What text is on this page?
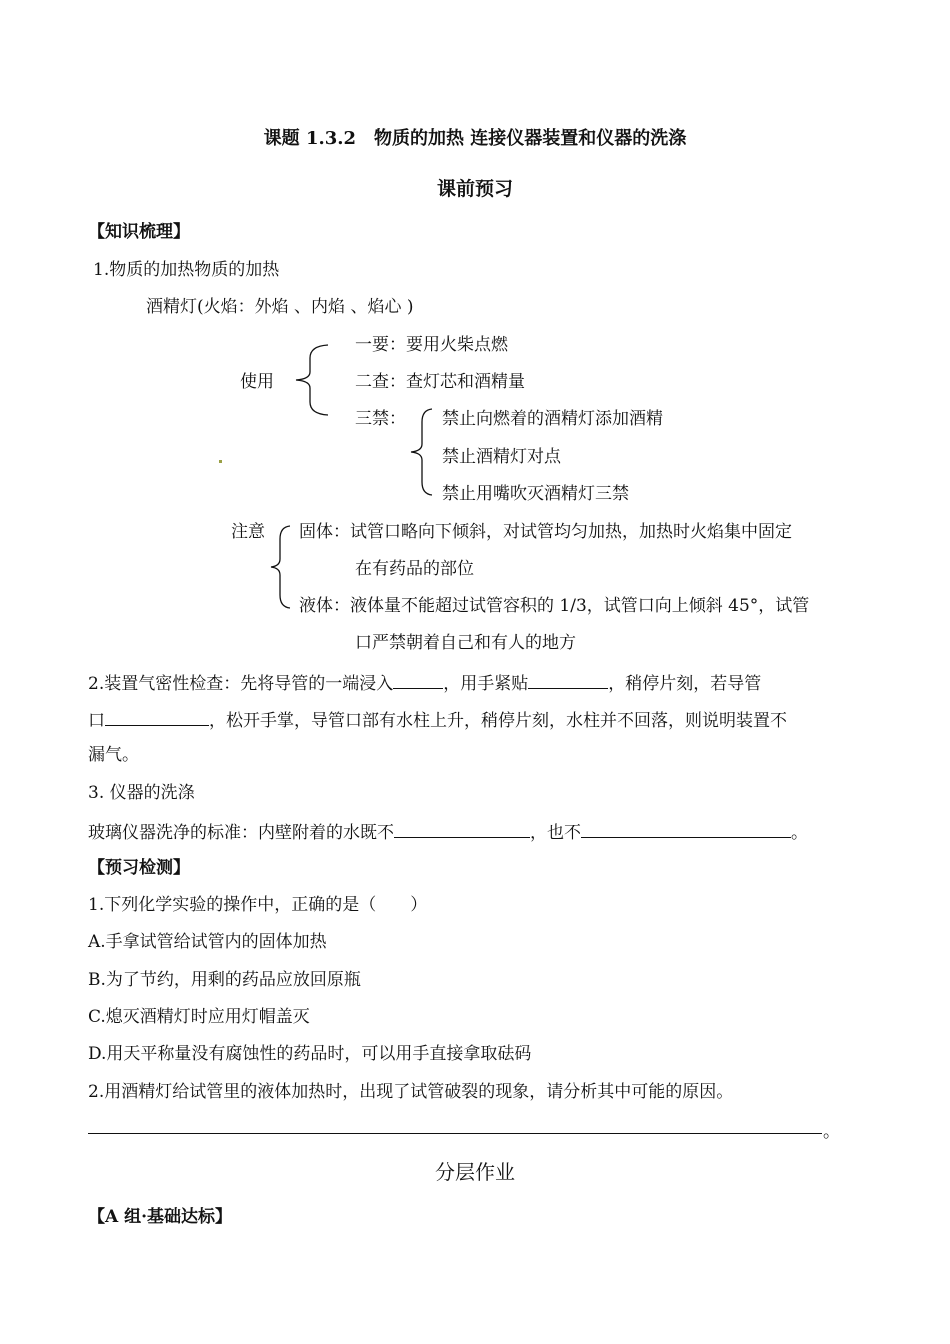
课题 1.3.2　物质的加热 连接仪器装置和仪器的洗涤
课前预习
【知识梳理】
1.物质的加热物质的加热
酒精灯(火焰：外焰 、内焰 、焰心 )
使用
一要：要用火柴点燃
二查：查灯芯和酒精量
三禁： 禁止向燃着的酒精灯添加酒精
禁止酒精灯对点
禁止用嘴吹灭酒精灯三禁
注意 固体：试管口略向下倾斜，对试管均匀加热，加热时火焰集中固定
在有药品的部位
液体：液体量不能超过试管容积的 1/3，试管口向上倾斜 45°，试管
口严禁朝着自己和有人的地方
2.装置气密性检查：先将导管的一端浸入	，用手紧贴	，稍停片刻，若导管
口	，松开手掌，导管口部有水柱上升，稍停片刻，水柱并不回落，则说明装置不
漏气。
3. 仪器的洗涤
玻璃仪器洗净的标准：内壁附着的水既不	，也不	。
【预习检测】
1.下列化学实验的操作中，正确的是（　　）
A.手拿试管给试管内的固体加热
B.为了节约，用剩的药品应放回原瓶
C.熄灭酒精灯时应用灯帽盖灭
D.用天平称量没有腐蚀性的药品时，可以用手直接拿取砝码
2.用酒精灯给试管里的液体加热时，出现了试管破裂的现象，请分析其中可能的原因。
。
分层作业
【A 组·基础达标】
